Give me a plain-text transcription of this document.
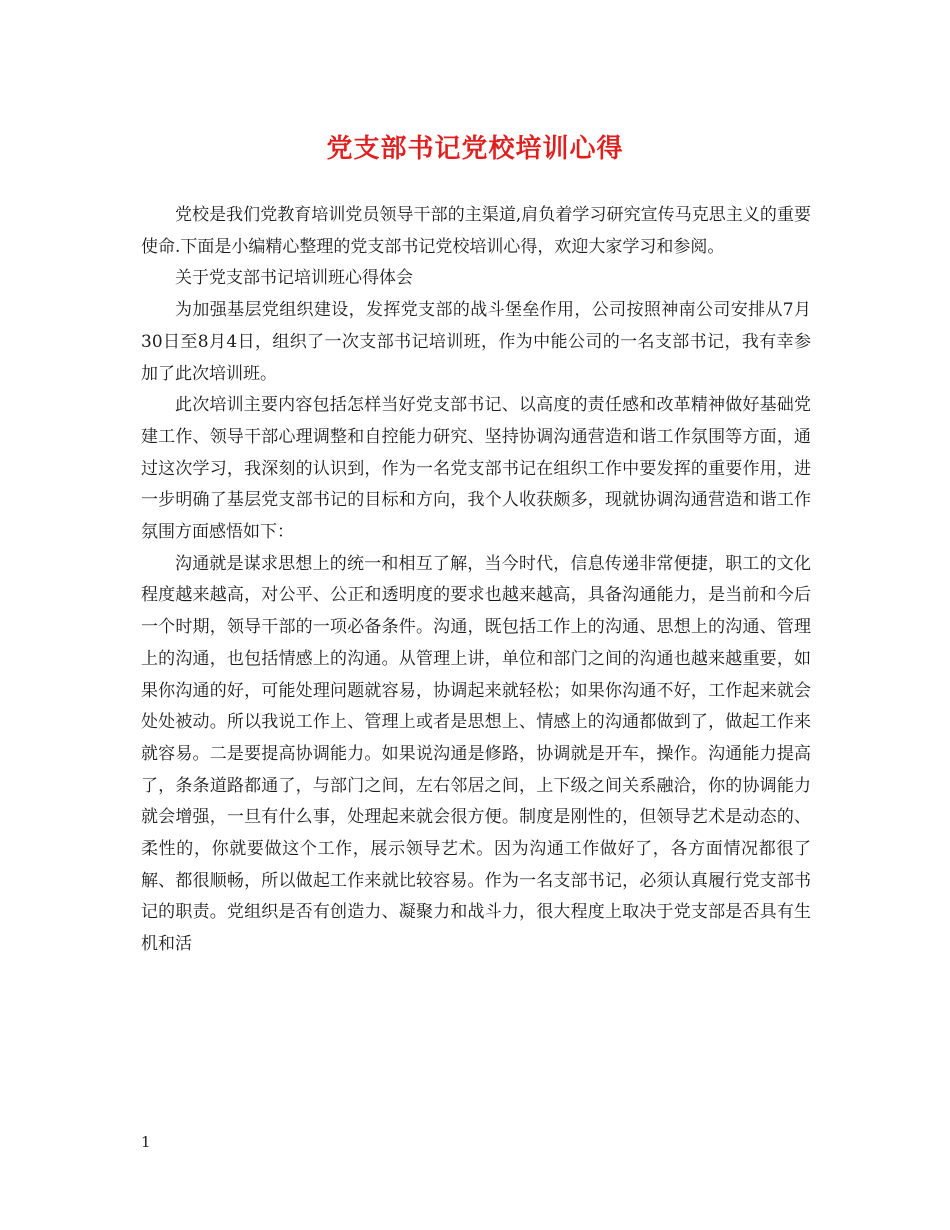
党支部书记党校培训心得

党校是我们党教育培训党员领导干部的主渠道,肩负着学习研究宣传马克思主义的重要使命.下面是小编精心整理的党支部书记党校培训心得，欢迎大家学习和参阅。

关于党支部书记培训班心得体会

为加强基层党组织建设，发挥党支部的战斗堡垒作用，公司按照神南公司安排从7月30日至8月4日，组织了一次支部书记培训班，作为中能公司的一名支部书记，我有幸参加了此次培训班。

此次培训主要内容包括怎样当好党支部书记、以高度的责任感和改革精神做好基础党建工作、领导干部心理调整和自控能力研究、坚持协调沟通营造和谐工作氛围等方面，通过这次学习，我深刻的认识到，作为一名党支部书记在组织工作中要发挥的重要作用，进一步明确了基层党支部书记的目标和方向，我个人收获颇多，现就协调沟通营造和谐工作氛围方面感悟如下：

沟通就是谋求思想上的统一和相互了解，当今时代，信息传递非常便捷，职工的文化程度越来越高，对公平、公正和透明度的要求也越来越高，具备沟通能力，是当前和今后一个时期，领导干部的一项必备条件。沟通，既包括工作上的沟通、思想上的沟通、管理上的沟通，也包括情感上的沟通。从管理上讲，单位和部门之间的沟通也越来越重要，如果你沟通的好，可能处理问题就容易，协调起来就轻松；如果你沟通不好，工作起来就会处处被动。所以我说工作上、管理上或者是思想上、情感上的沟通都做到了，做起工作来就容易。二是要提高协调能力。如果说沟通是修路，协调就是开车，操作。沟通能力提高了，条条道路都通了，与部门之间，左右邻居之间，上下级之间关系融洽，你的协调能力就会增强，一旦有什么事，处理起来就会很方便。制度是刚性的，但领导艺术是动态的、柔性的，你就要做这个工作，展示领导艺术。因为沟通工作做好了，各方面情况都很了解、都很顺畅，所以做起工作来就比较容易。作为一名支部书记，必须认真履行党支部书记的职责。党组织是否有创造力、凝聚力和战斗力，很大程度上取决于党支部是否具有生机和活

1
